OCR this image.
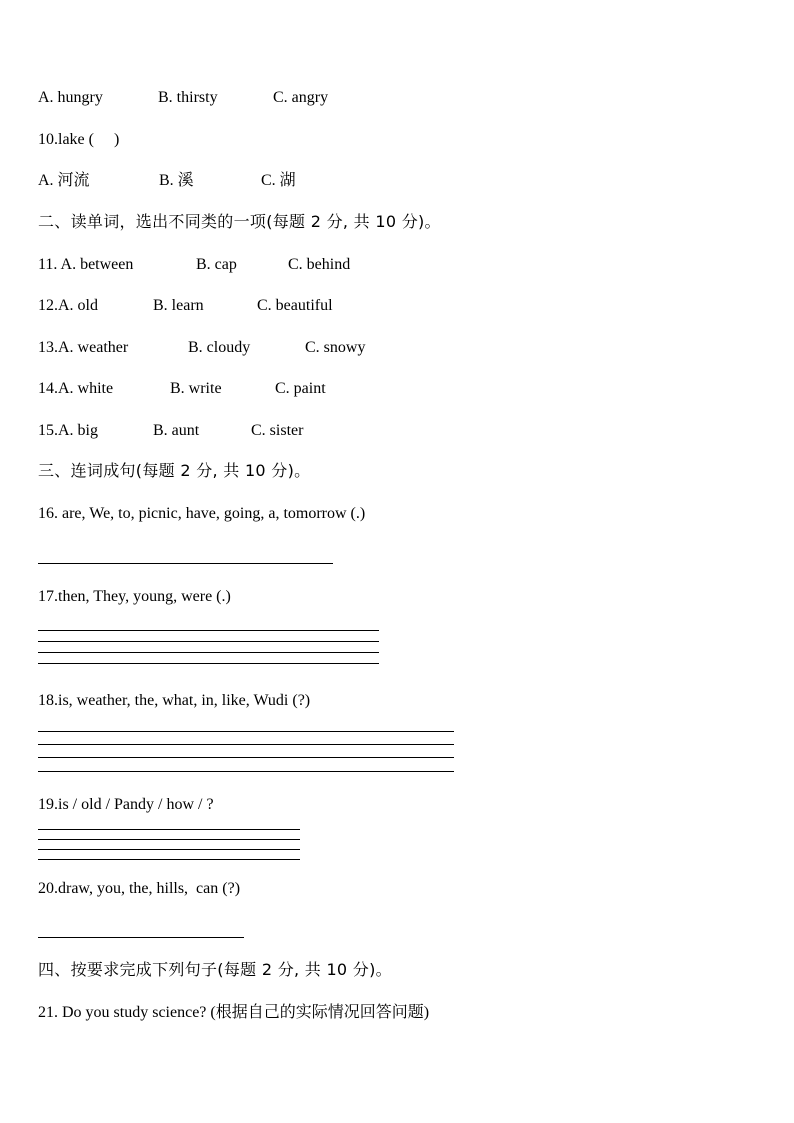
A. hungry	B. thirsty	C. angry
10.lake (     )
A. 河流	B. 溪	C. 湖
二、读单词，选出不同类的一项(每题 2 分, 共 10 分)。
11. A. between	B. cap	C. behind
12.A. old	B. learn	C. beautiful
13.A. weather	B. cloudy	C. snowy
14.A. white	B. write	C. paint
15.A. big	B. aunt	C. sister
三、连词成句(每题 2 分, 共 10 分)。
16. are, We, to, picnic, have, going, a, tomorrow (.)
17.then, They, young, were (.)
18.is, weather, the, what, in, like, Wudi (?)
19.is / old / Pandy / how / ?
20.draw, you, the, hills,  can (?)
四、按要求完成下列句子(每题 2 分, 共 10 分)。
21. Do you study science? (根据自己的实际情况回答问题)
